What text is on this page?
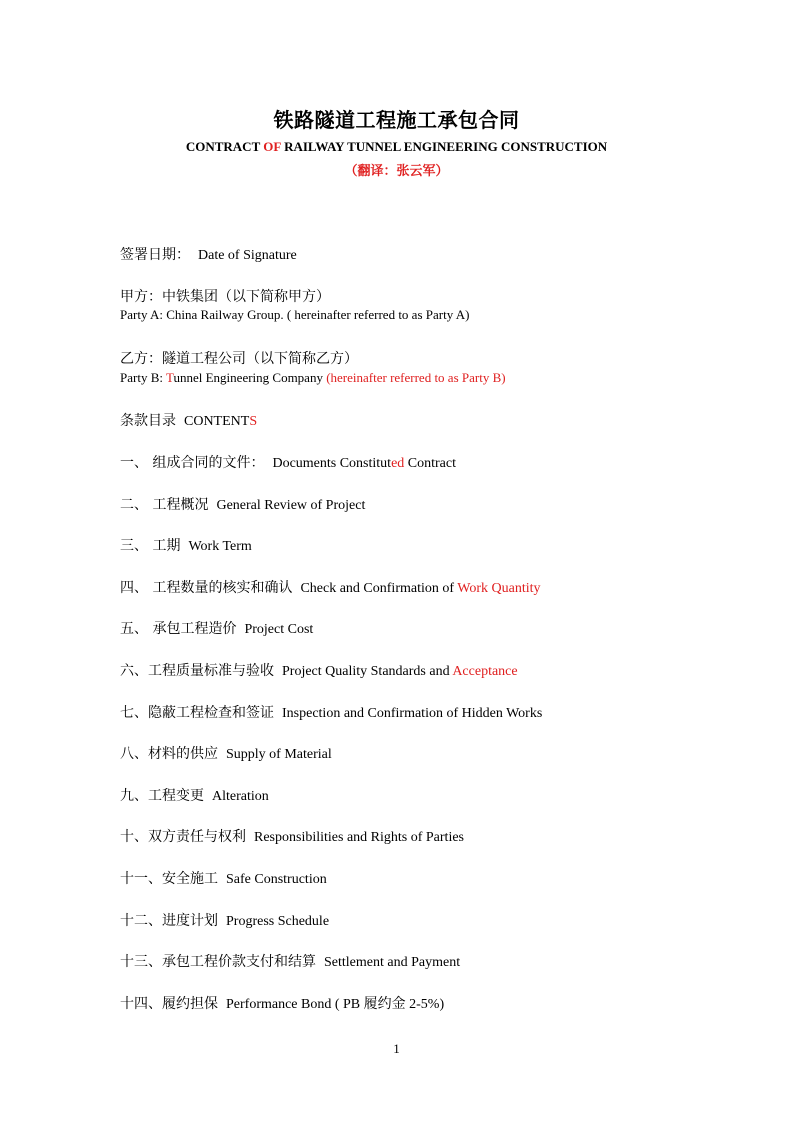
铁路隧道工程施工承包合同
CONTRACT OF RAILWAY TUNNEL ENGINEERING CONSTRUCTION
（翻译：张云军）
签署日期： Date of Signature
甲方：中铁集团（以下简称甲方）
Party A: China Railway Group. ( hereinafter referred to as Party A)
乙方：隧道工程公司（以下简称乙方）
Party B: Tunnel Engineering Company (hereinafter referred to as Party B)
条款目录 CONTENTS
一、 组成合同的文件： Documents Constituted Contract
二、 工程概况 General Review of Project
三、 工期 Work Term
四、 工程数量的核实和确认 Check and Confirmation of Work Quantity
五、 承包工程造价 Project Cost
六、工程质量标准与验收 Project Quality Standards and Acceptance
七、隐蔽工程检查和签证 Inspection and Confirmation of Hidden Works
八、材料的供应 Supply of Material
九、工程变更 Alteration
十、双方责任与权利 Responsibilities and Rights of Parties
十一、安全施工 Safe Construction
十二、进度计划 Progress Schedule
十三、承包工程价款支付和结算 Settlement and Payment
十四、履约担保 Performance Bond ( PB 履约金 2-5%)
1
